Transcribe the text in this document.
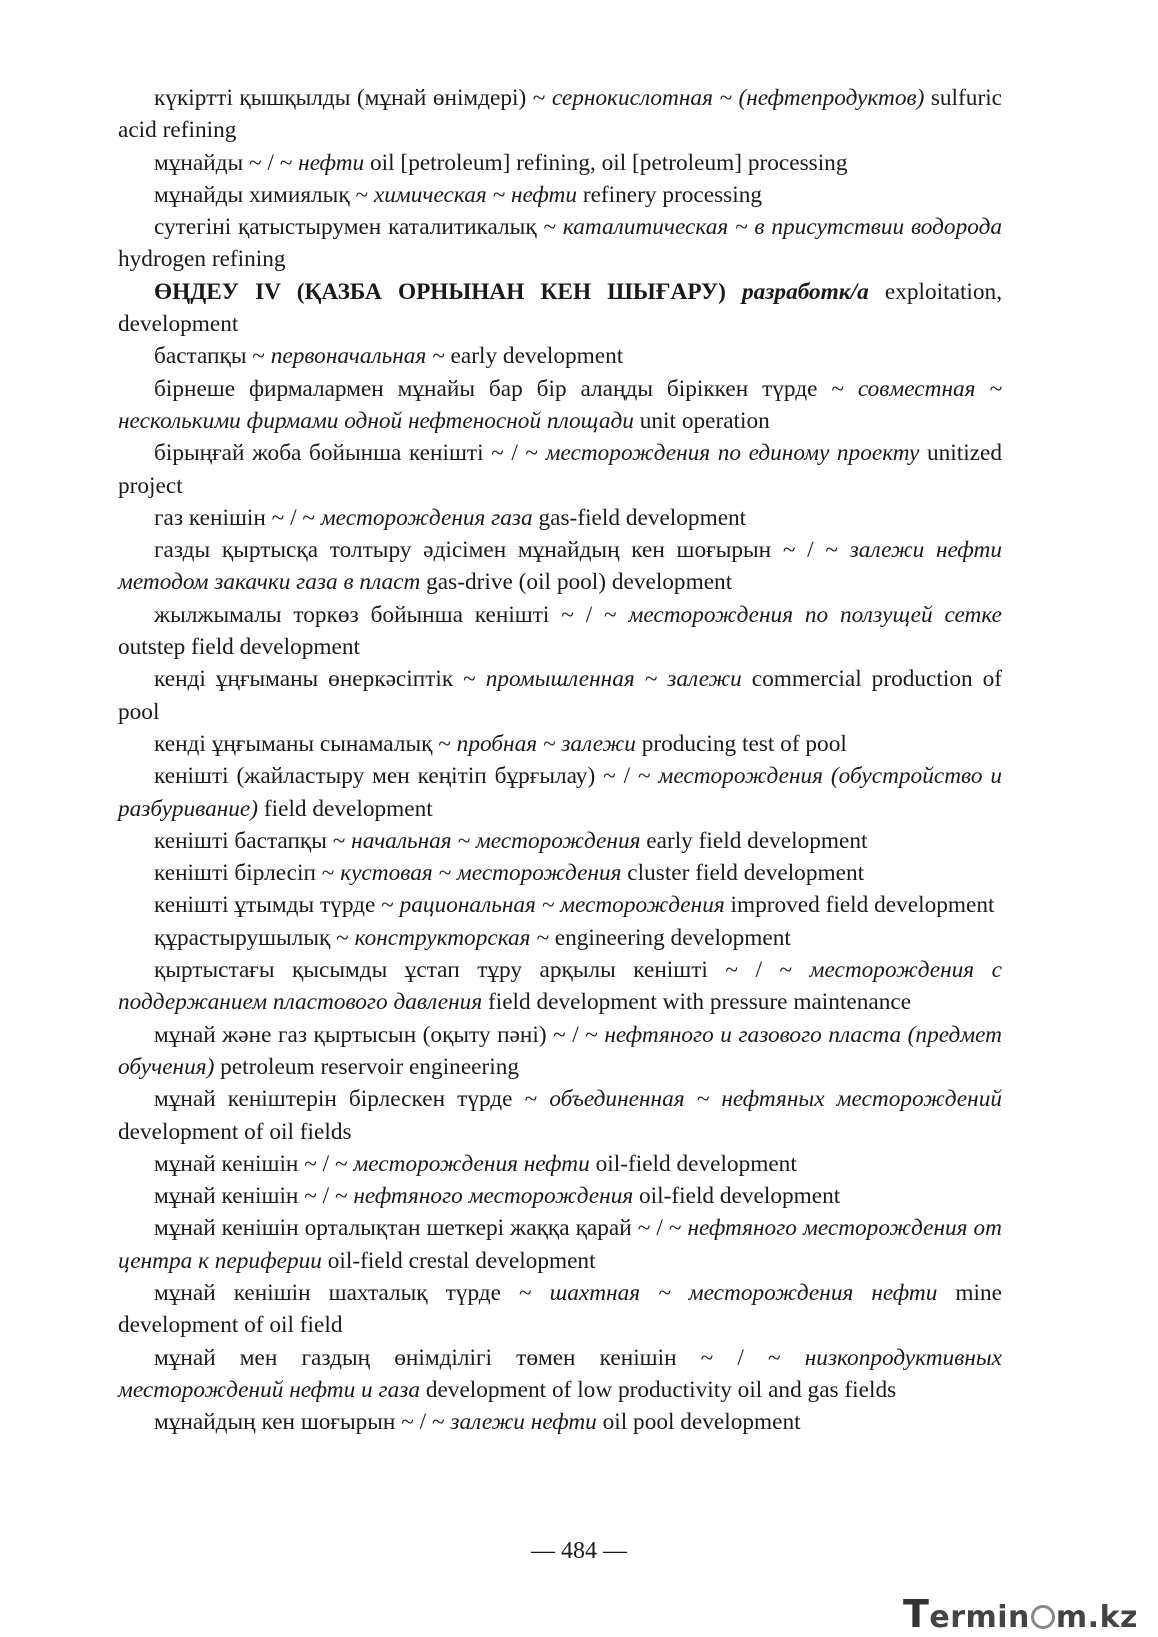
күкіртті қышқылды (мұнай өнімдері) ~ сернокислотная ~ (нефтепродуктов) sulfuric acid refining

мұнайды ~ / ~ нефти oil [petroleum] refining, oil [petroleum] processing

мұнайды химиялық ~ химическая ~ нефти refinery processing

сутегіні қатыстырумен каталитикалық ~ каталитическая ~ в присутствии водорода hydrogen refining

ӨҢДЕУ IV (ҚАЗБА ОРНЫНАН КЕН ШЫҒАРУ) разработк/а exploitation, development

бастапқы ~ первоначальная ~ early development

бірнеше фирмалармен мұнайы бар бір алаңды біріккен түрде ~ совместная ~ несколькими фирмами одной нефтеносной площади unit operation

бірыңғай жоба бойынша кеніштi ~ / ~ месторождения по единому проекту unitized project

газ кенішін ~ / ~ месторождения газа gas-field development

газды қыртысқа толтыру әдісімен мұнайдың кен шоғырын ~ / ~ залежи нефти методом закачки газа в пласт gas-drive (oil pool) development

жылжымалы торкөз бойынша кенiштi ~ / ~ месторождения по ползущей сетке outstep field development

кенді ұңғыманы өнеркәсіптік ~ промышленная ~ залежи commercial production of pool

кенді ұңғыманы сынамалық ~ пробная ~ залежи producing test of pool

кенiштi (жайластыру мен кеңітіп бұрғылау) ~ / ~ месторождения (обустройство и разбуривание) field development

кенiштi бастапқы ~ начальная ~ месторождения early field development

кенiштi бiрлесiп ~ кустовая ~ месторождения cluster field development

кенiштi ұтымды түрде ~ рациональная ~ месторождения improved field development

құрастырушылық ~ конструкторская ~ engineering development

қыртыстағы қысымды ұстап тұру арқылы кенiштi ~ / ~ месторождения с поддержанием пластового давления field development with pressure maintenance

мұнай және газ қыртысын (оқыту пәні) ~ / ~ нефтяного и газового пласта (предмет обучения) petroleum reservoir engineering

мұнай кеніштерін бірлескен түрде ~ объединенная ~ нефтяных месторождений development of oil fields

мұнай кенішін ~ / ~ месторождения нефти oil-field development

мұнай кенішін ~ / ~ нефтяного месторождения oil-field development

мұнай кенішін орталықтан шеткері жаққа қарай ~ / ~ нефтяного месторождения от центра к периферии oil-field crestal development

мұнай кенішін шахталық түрде ~ шахтная ~ месторождения нефти mine development of oil field

мұнай мен газдың өнімділігі төмен кенішін ~ / ~ низкопродуктивных месторождений нефти и газа development of low productivity oil and gas fields

мұнайдың кен шоғырын ~ / ~ залежи нефти oil pool development

— 484 —
Termin m.kz
